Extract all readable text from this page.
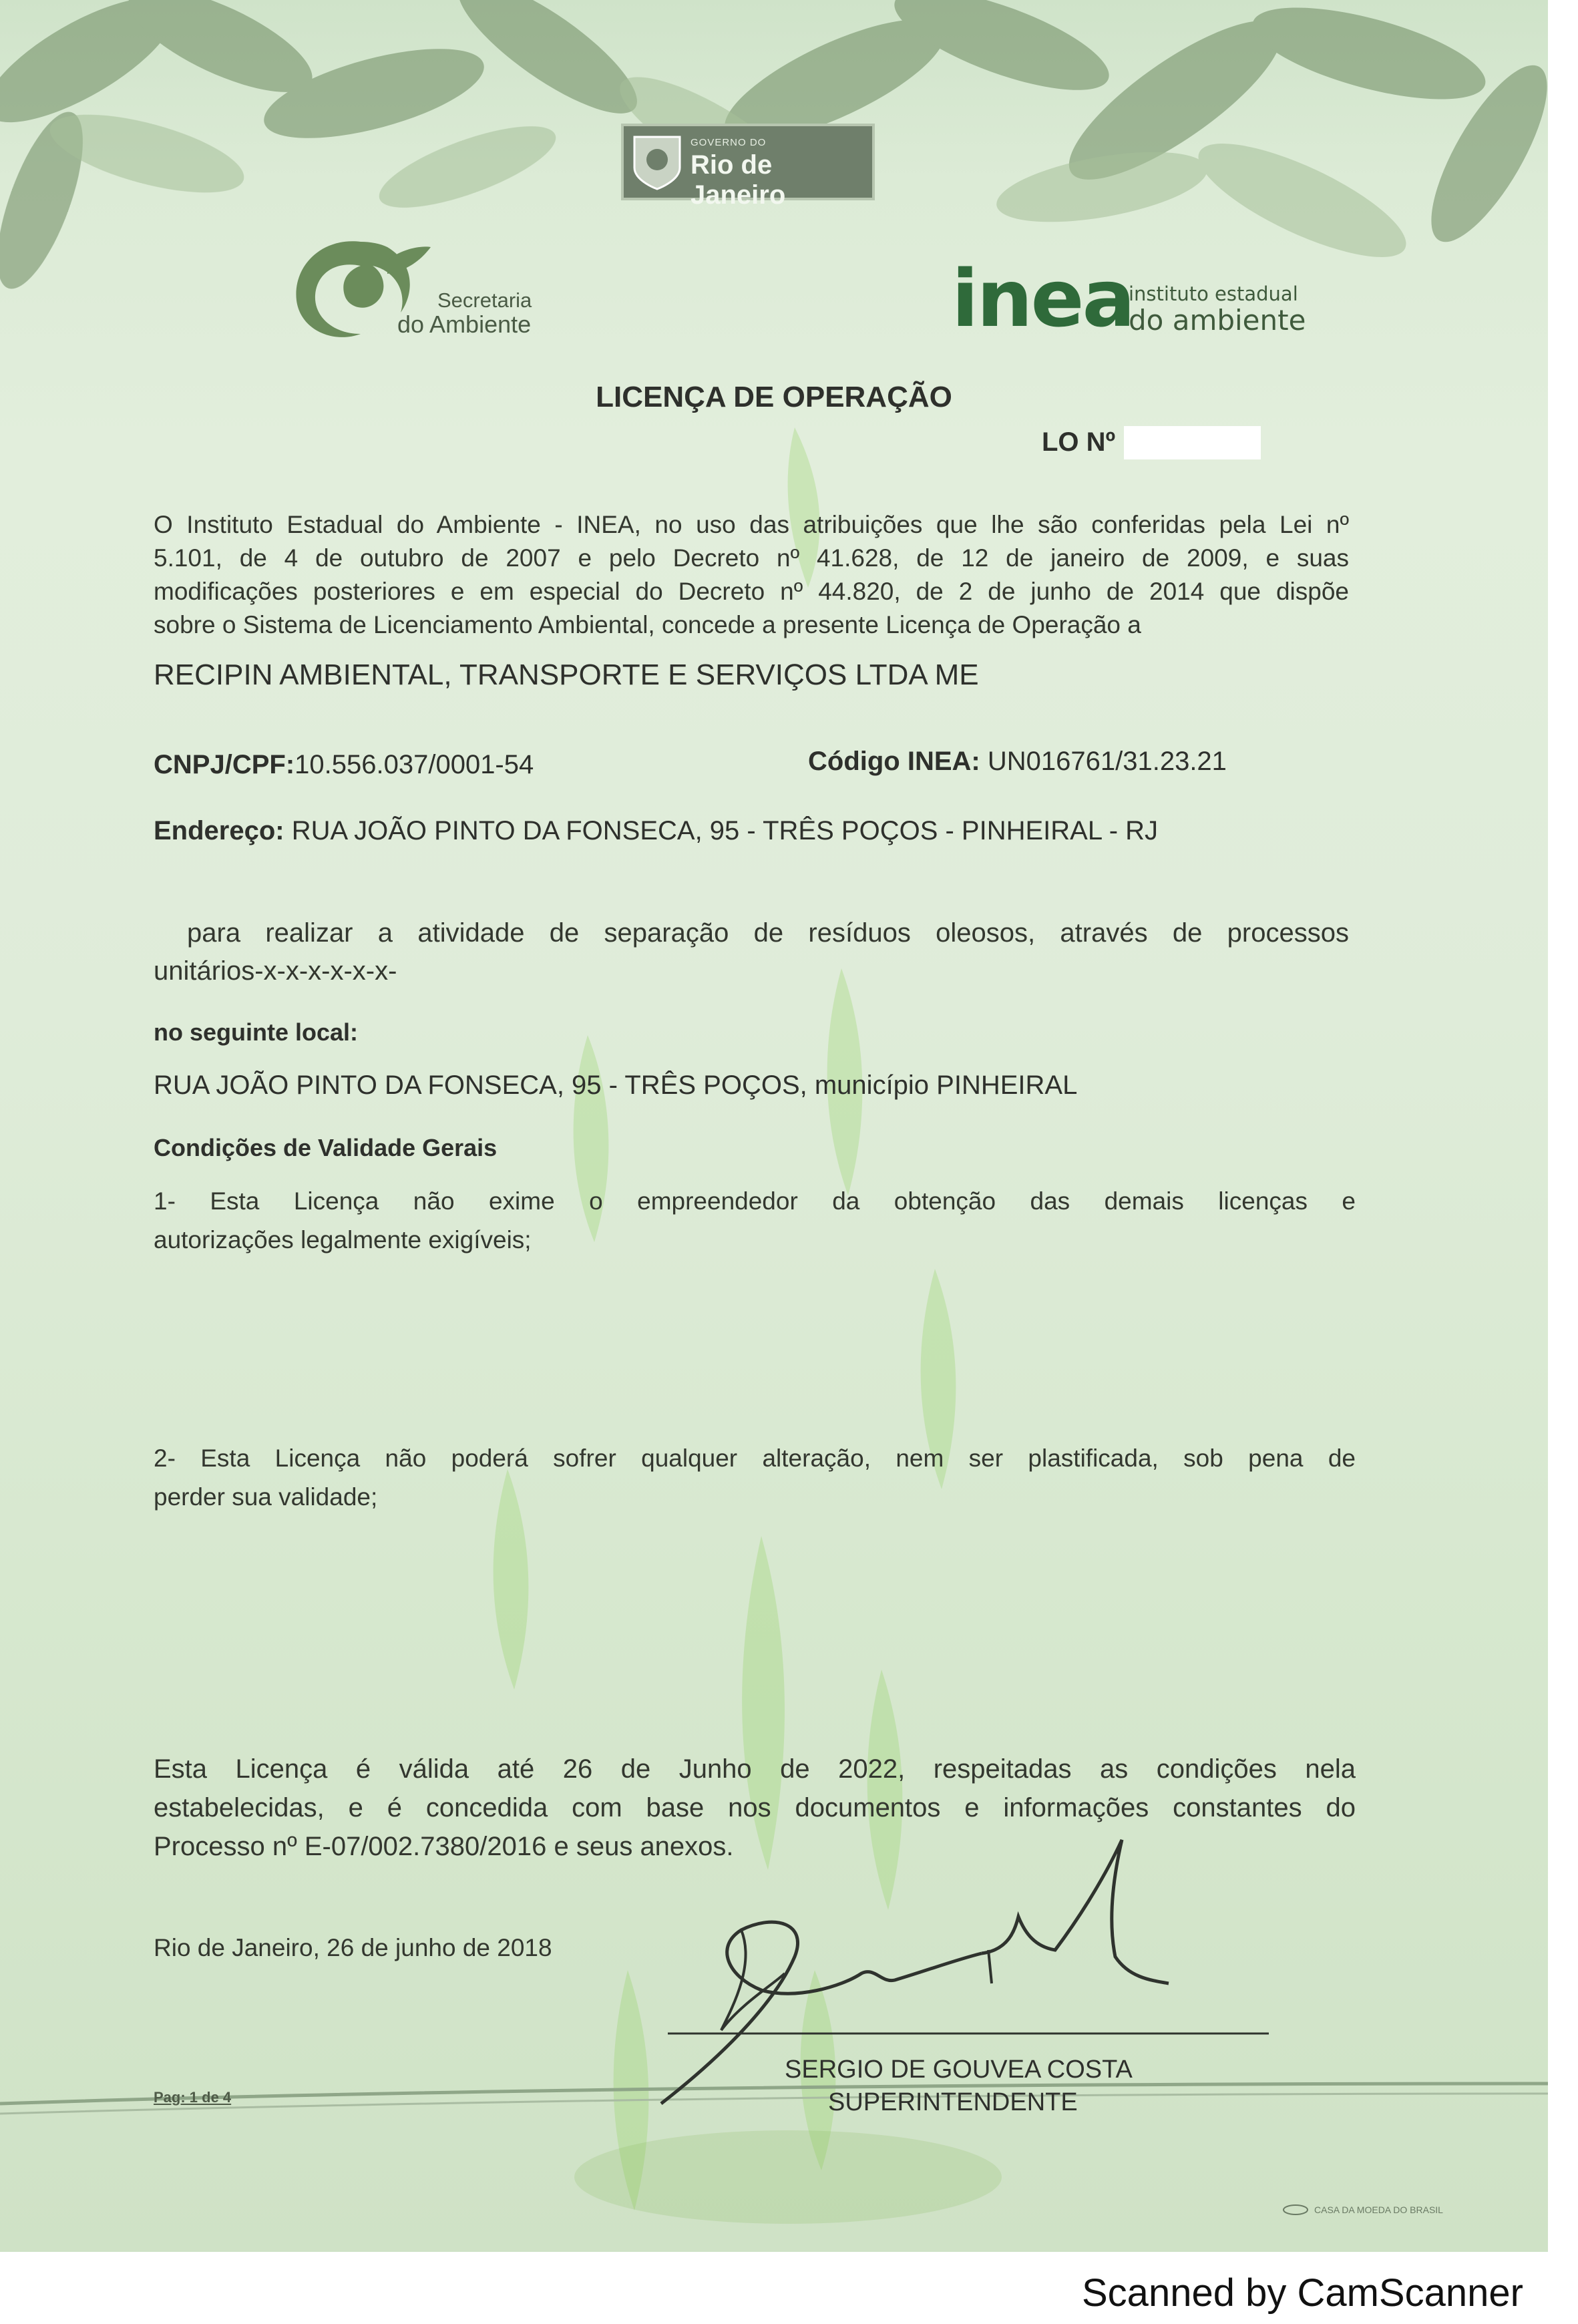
GOVERNO DO
Rio de Janeiro
Secretaria
do Ambiente	inea
instituto estadual
do ambiente
LICENÇA DE OPERAÇÃO
LO Nº
O Instituto Estadual do Ambiente - INEA, no uso das atribuições que lhe são conferidas pela Lei nº
5.101, de 4 de outubro de 2007 e pelo Decreto nº 41.628, de 12 de janeiro de 2009, e suas
modificações posteriores e em especial do Decreto nº 44.820, de 2 de junho de 2014 que dispõe
sobre o Sistema de Licenciamento Ambiental, concede a presente Licença de Operação a
RECIPIN AMBIENTAL, TRANSPORTE E SERVIÇOS LTDA ME
CNPJ/CPF:10.556.037/0001-54	Código INEA: UN016761/31.23.21
Endereço: RUA JOÃO PINTO DA FONSECA, 95 - TRÊS POÇOS - PINHEIRAL - RJ
para realizar a atividade de separação de resíduos oleosos, através de processos
unitários-x-x-x-x-x-x-
no seguinte local:
RUA JOÃO PINTO DA FONSECA, 95 - TRÊS POÇOS, município PINHEIRAL
Condições de Validade Gerais
1- Esta Licença não exime o empreendedor da obtenção das demais licenças e
autorizações legalmente exigíveis;
2- Esta Licença não poderá sofrer qualquer alteração, nem ser plastificada, sob pena de
perder sua validade;
Esta Licença é válida até 26 de Junho de 2022, respeitadas as condições nela
estabelecidas, e é concedida com base nos documentos e informações constantes do
Processo nº E-07/002.7380/2016 e seus anexos.
Rio de Janeiro, 26 de junho de 2018
SERGIO DE GOUVEA COSTA
SUPERINTENDENTE
Pag: 1 de 4
CASA DA MOEDA DO BRASIL
Scanned by CamScanner
